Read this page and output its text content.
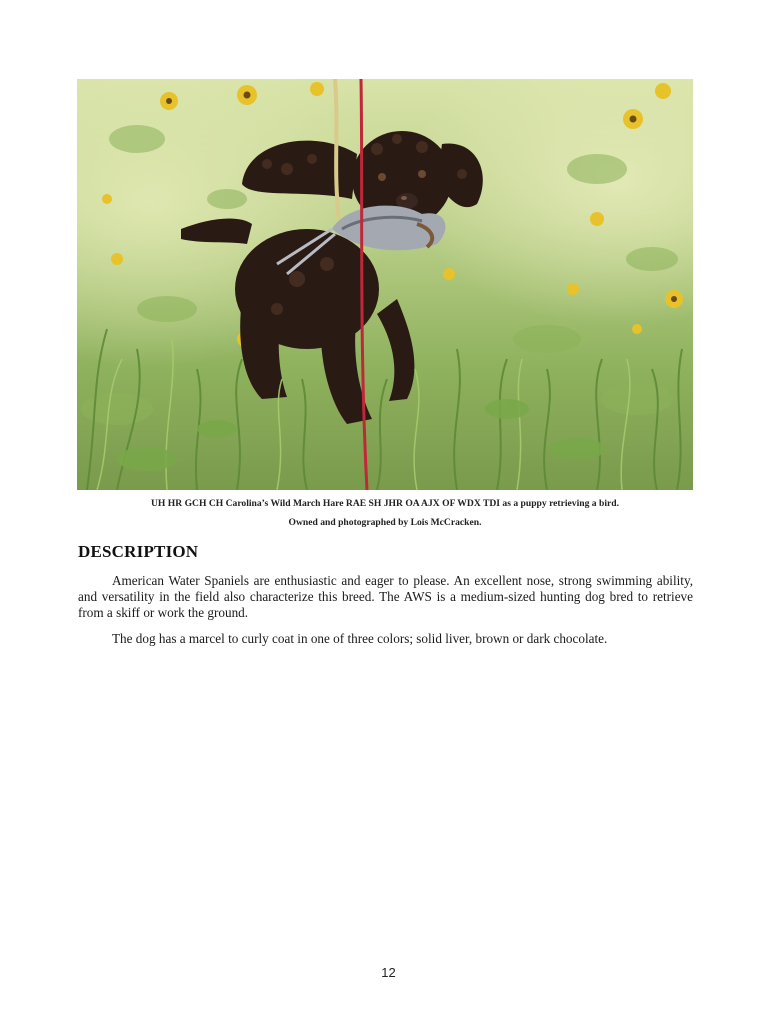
UH HR GCH CH Carolina’s Wild March Hare RAE SH JHR OA AJX OF WDX TDI as a puppy retrieving a bird.
Owned and photographed by Lois McCracken.
DESCRIPTION

American Water Spaniels are enthusiastic and eager to please. An excellent nose, strong swimming ability, and versatility in the field also characterize this breed. The AWS is a medium-sized hunting dog bred to retrieve from a skiff or work the ground.

The dog has a marcel to curly coat in one of three colors; solid liver, brown or dark chocolate.

12
